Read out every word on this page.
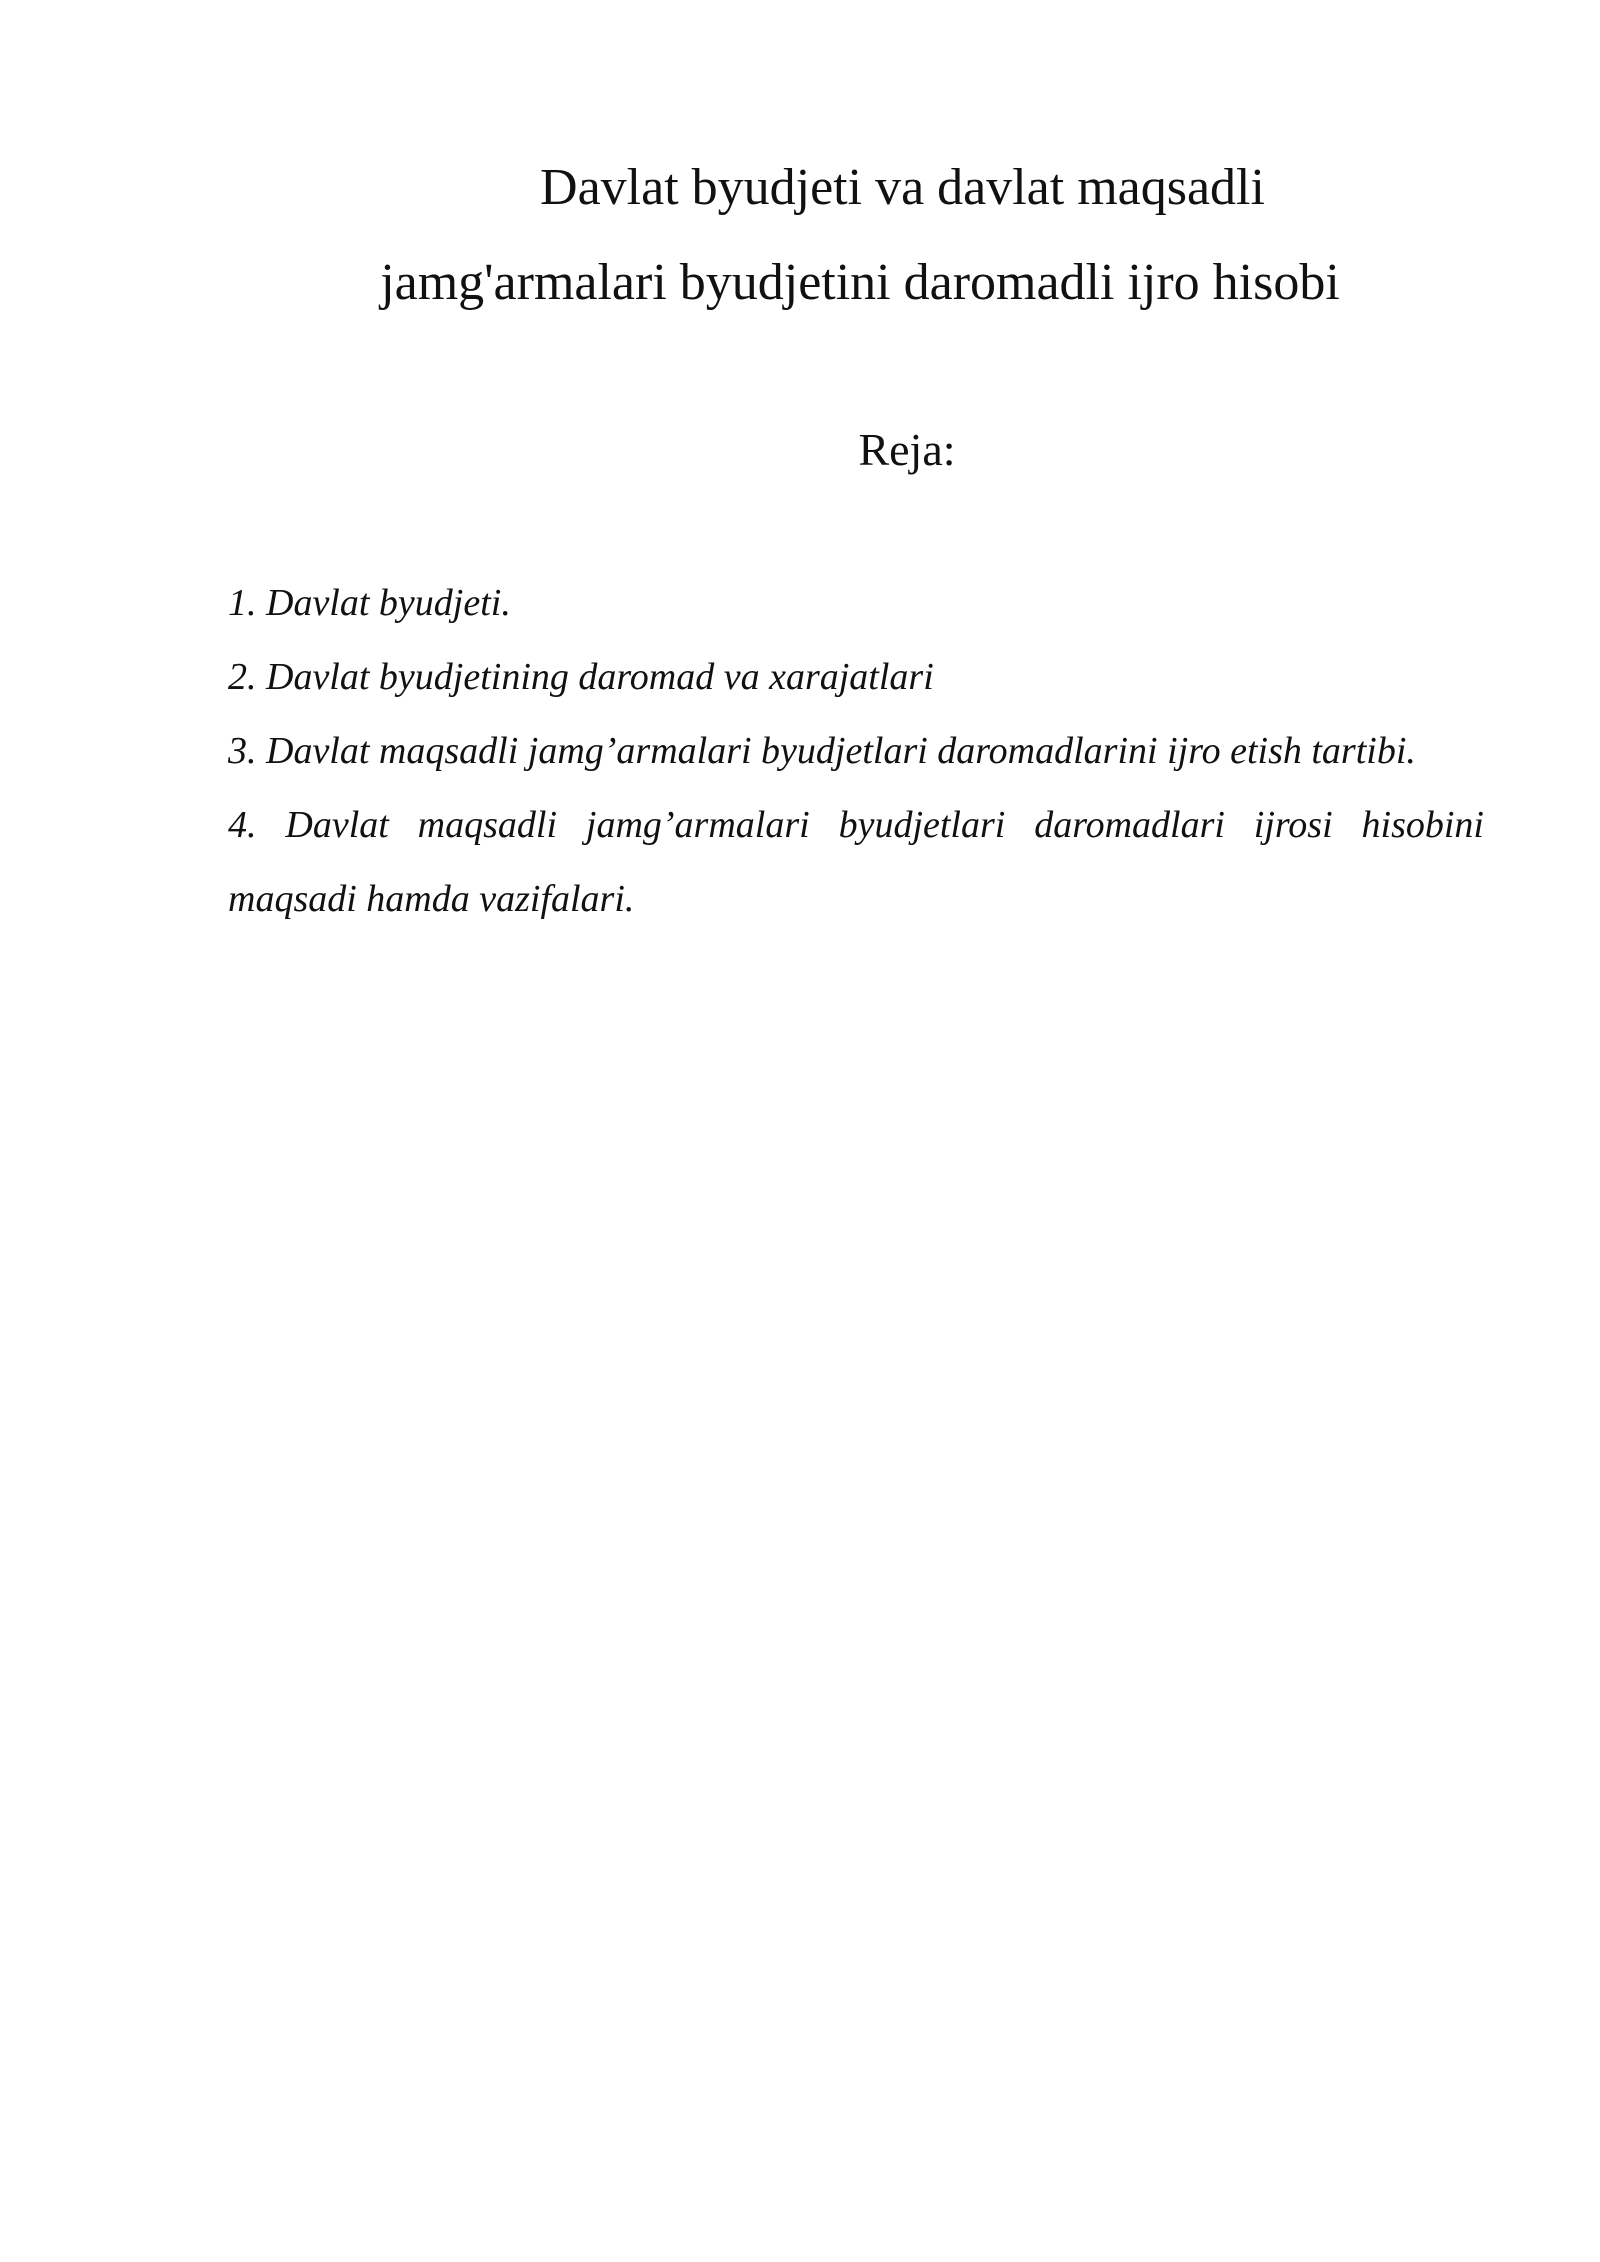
Davlat byudjeti va davlat maqsadli
jamg'armalari byudjetini daromadli ijro hisobi
Reja:
1. Davlat byudjeti.
2. Davlat byudjetining daromad va xarajatlari
3. Davlat maqsadli jamg’armalari byudjetlari daromadlarini ijro etish tartibi.
4. Davlat maqsadli jamg’armalari byudjetlari daromadlari ijrosi hisobini maqsadi hamda vazifalari.
